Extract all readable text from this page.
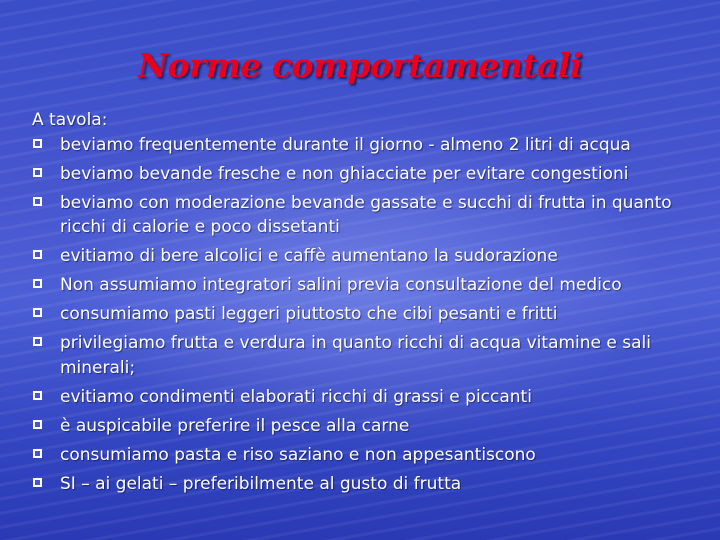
Norme comportamentali

A tavola:

beviamo frequentemente durante il giorno - almeno 2 litri di acqua
beviamo bevande fresche e non ghiacciate per evitare congestioni
beviamo con moderazione bevande gassate e succhi di frutta in quanto ricchi di calorie e poco dissetanti
evitiamo di bere alcolici e caffè aumentano la sudorazione
Non assumiamo integratori salini previa consultazione del medico
consumiamo pasti leggeri piuttosto che cibi pesanti e fritti
privilegiamo frutta e verdura in quanto ricchi di acqua vitamine e sali minerali;
evitiamo condimenti elaborati ricchi di grassi e piccanti
è auspicabile preferire il pesce alla carne
consumiamo pasta e riso saziano e non appesantiscono
SI – ai gelati – preferibilmente al gusto di frutta
